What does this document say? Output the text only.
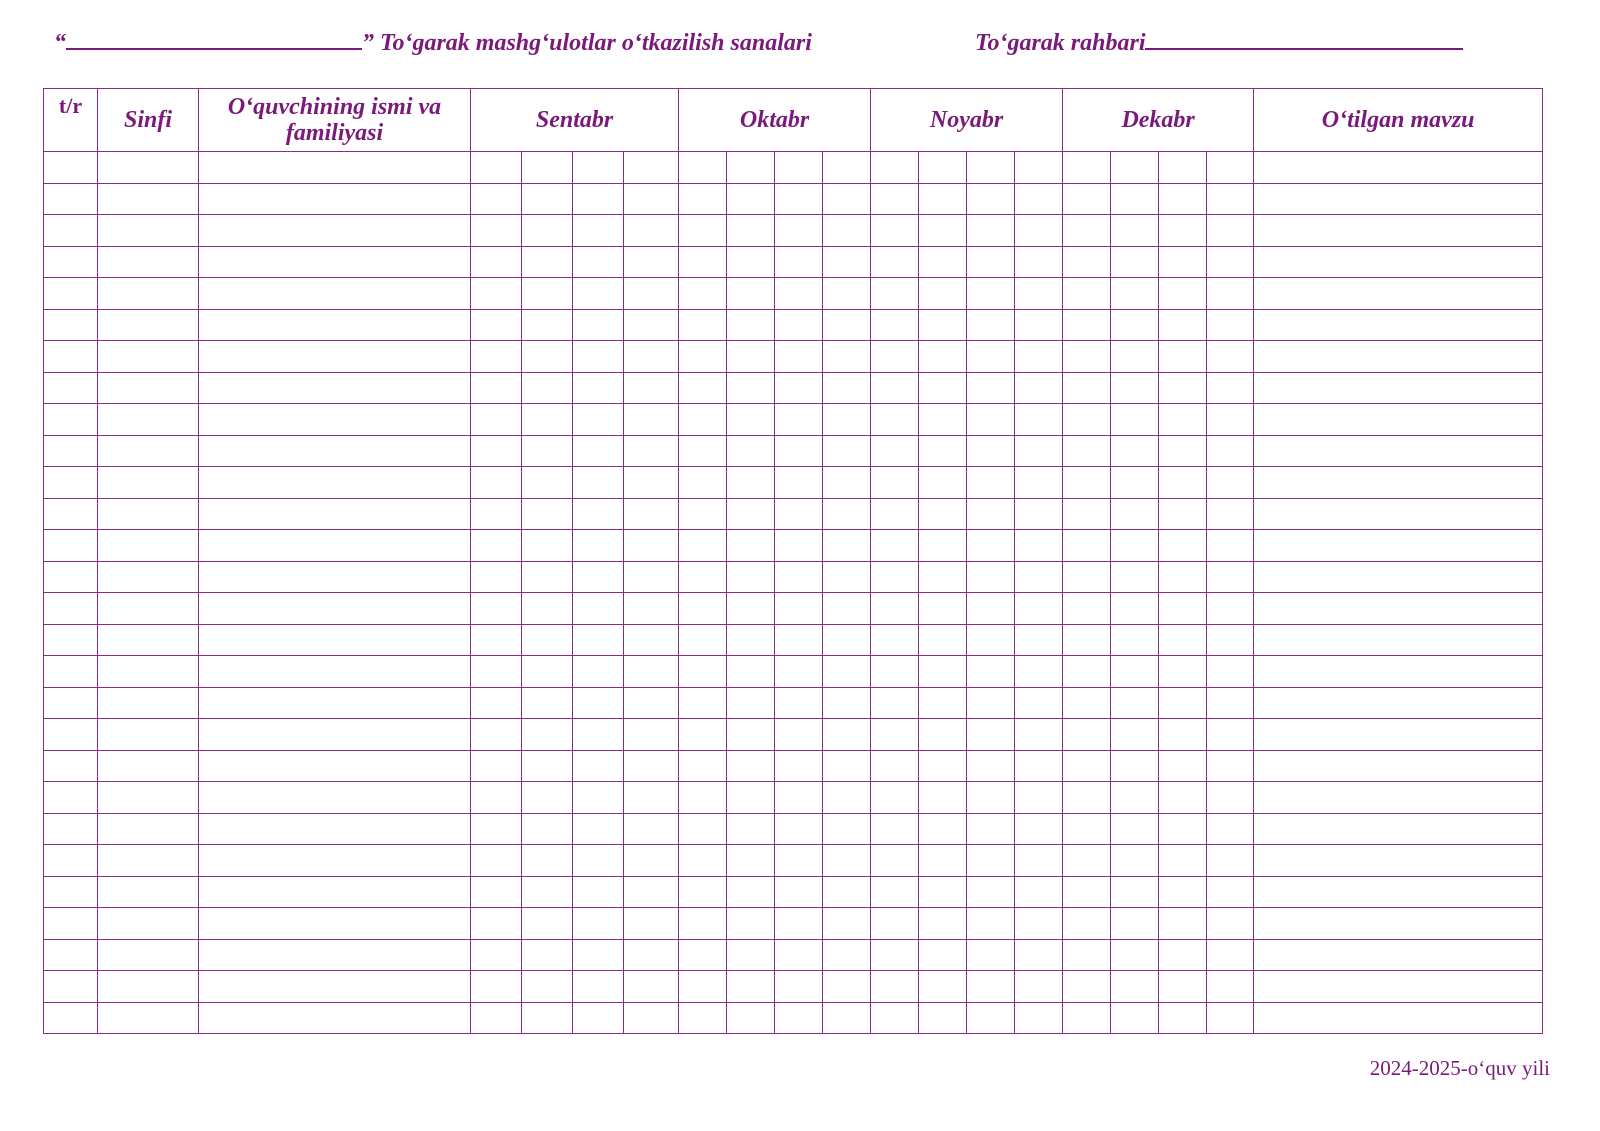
“	” To‘garak mashg‘ulotlar o‘tkazilish sanalari	To‘garak rahbari
t/r	Sinfi	O‘quvchining ismi va familiyasi	Sentabr				Oktabr				Noyabr				Dekabr				O‘tilgan mavzu

2024-2025-o‘quv yili
